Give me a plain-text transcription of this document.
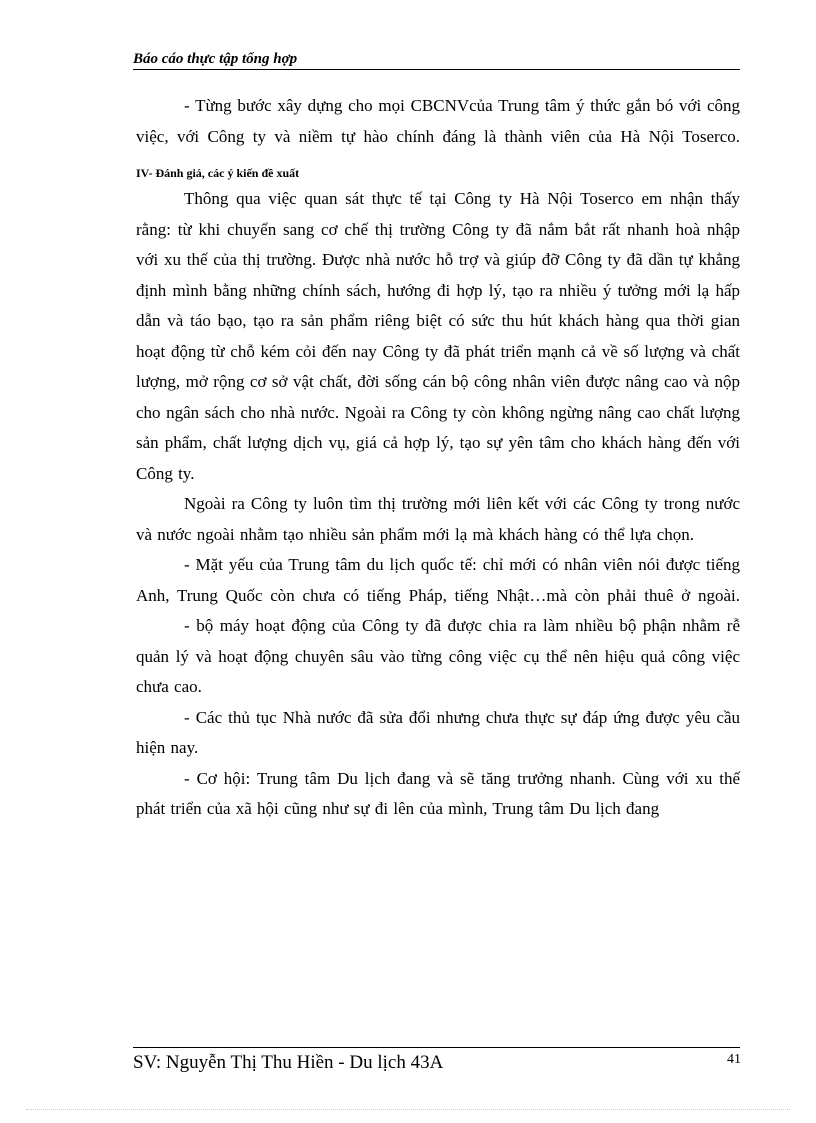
Báo cáo thực tập tổng hợp

- Từng bước xây dựng cho mọi CBCNVcủa Trung tâm ý thức gắn bó với công việc, với Công ty và niềm tự hào chính đáng là thành viên của Hà Nội Toserco.

IV- Đánh giá, các ý kiến đề xuất

Thông qua việc quan sát thực tế tại Công ty Hà Nội Toserco em nhận thấy rằng: từ khi chuyển sang cơ chế thị trường Công ty đã nắm bắt rất nhanh hoà nhập với xu thế của thị trường. Được nhà nước hỗ trợ và giúp đỡ Công ty đã dần tự khẳng định mình bằng những chính sách, hướng đi hợp lý, tạo ra nhiều ý tưởng mới lạ hấp dẫn và táo bạo, tạo ra sản phẩm riêng biệt có sức thu hút khách hàng qua thời gian hoạt động từ chỗ kém cỏi đến nay Công ty đã phát triển mạnh cả về số lượng và chất lượng, mở rộng cơ sở vật chất, đời sống cán bộ công nhân viên được nâng cao và nộp cho ngân sách cho nhà nước. Ngoài ra Công ty còn không ngừng nâng cao chất lượng sản phẩm, chất lượng dịch vụ, giá cả hợp lý, tạo sự yên tâm cho khách hàng đến với Công ty.

Ngoài ra Công ty luôn tìm thị trường mới liên kết với các Công ty trong nước và nước ngoài nhằm tạo nhiều sản phẩm mới lạ mà khách hàng có thể lựa chọn.

- Mặt yếu của Trung tâm du lịch quốc tế: chỉ mới có nhân viên nói được tiếng Anh, Trung Quốc còn chưa có tiếng Pháp, tiếng Nhật…mà còn phải thuê ở ngoài.

- bộ máy hoạt động của Công ty đã được chia ra làm nhiều bộ phận nhằm rễ quản lý và hoạt động chuyên sâu vào từng công việc cụ thể nên hiệu quả công việc chưa cao.

- Các thủ tục Nhà nước đã sửa đổi nhưng chưa thực sự đáp ứng được yêu cầu hiện nay.

- Cơ hội: Trung tâm Du lịch đang và sẽ tăng trưởng nhanh. Cùng với xu thế phát triển của xã hội cũng như sự đi lên của mình, Trung tâm Du lịch đang

SV: Nguyễn Thị Thu Hiền - Du lịch 43A	41
